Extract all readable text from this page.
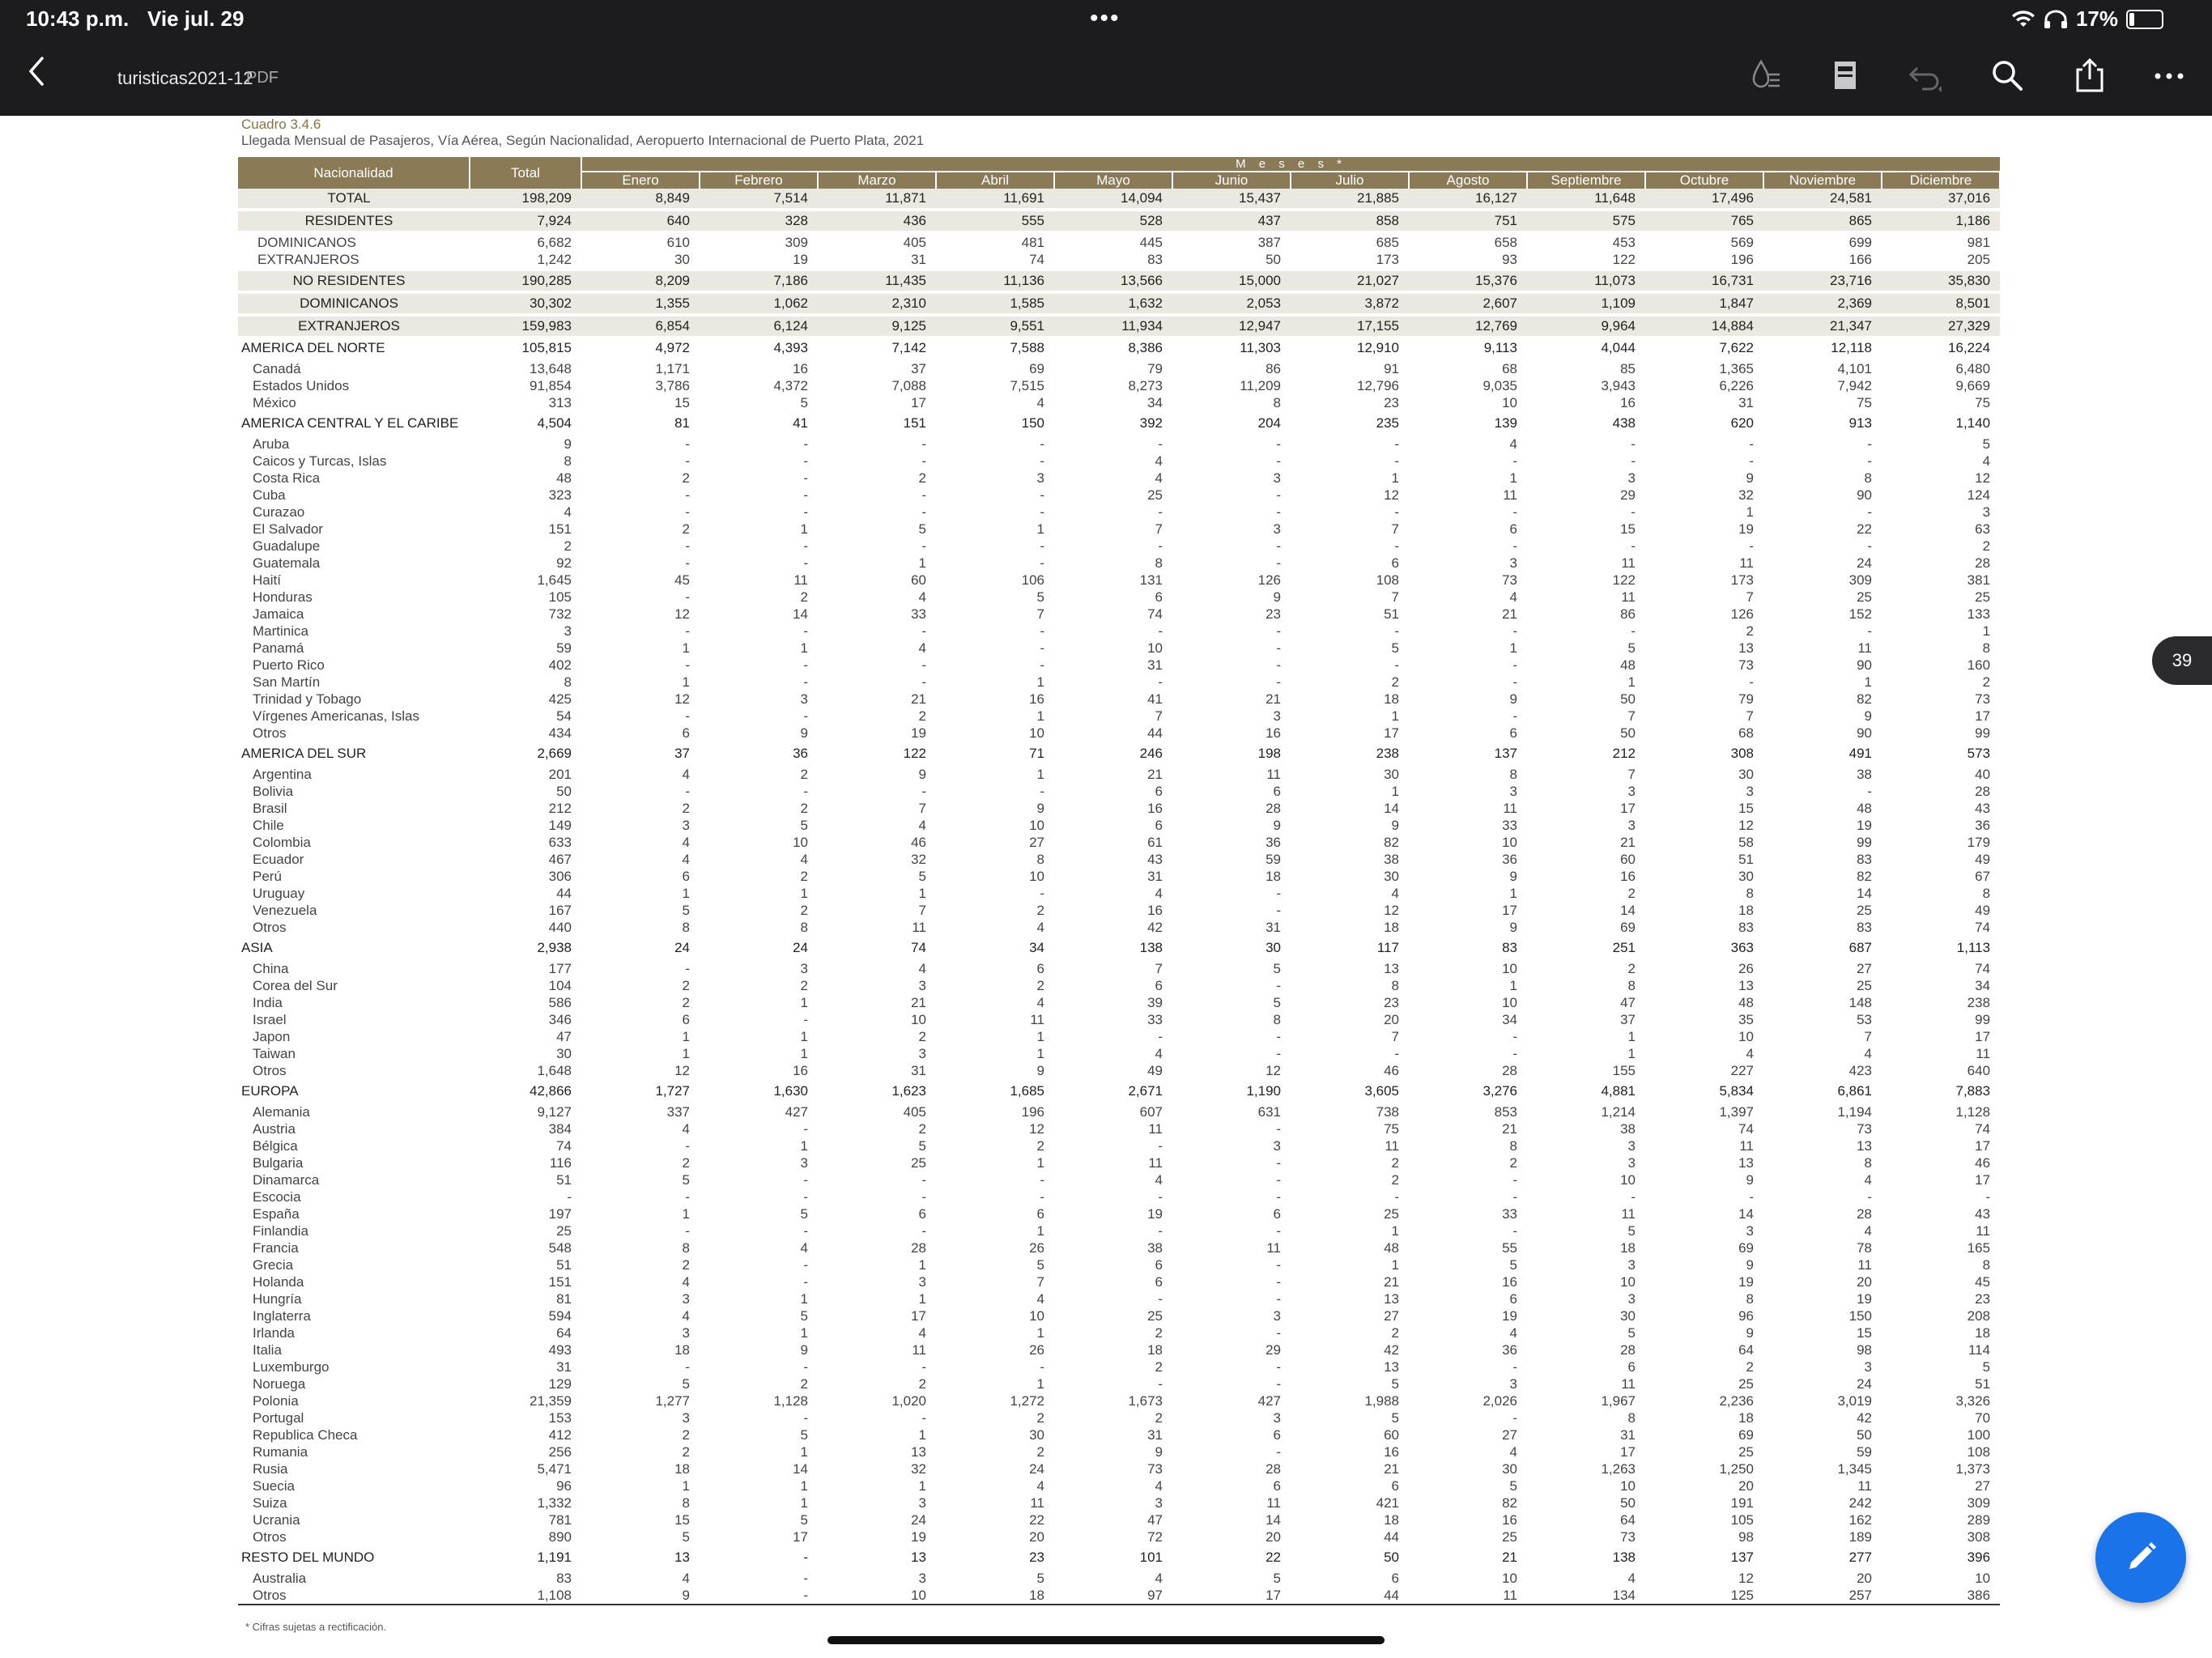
10:43 p.m. Vie jul. 29	•••	17%
turisticas2021-12
PDF
Cuadro 3.4.6
Llegada Mensual de Pasajeros, Vía Aérea, Según Nacionalidad, Aeropuerto Internacional de Puerto Plata, 2021
Nacionalidad	Total	M e s e s *											
		Enero	Febrero	Marzo	Abril	Mayo	Junio	Julio	Agosto	Septiembre	Octubre	Noviembre	Diciembre
TOTAL	198,209	8,849	7,514	11,871	11,691	14,094	15,437	21,885	16,127	11,648	17,496	24,581	37,016

RESIDENTES	7,924	640	328	436	555	528	437	858	751	575	765	865	1,186

DOMINICANOS	6,682	610	309	405	481	445	387	685	658	453	569	699	981
EXTRANJEROS	1,242	30	19	31	74	83	50	173	93	122	196	166	205

NO RESIDENTES	190,285	8,209	7,186	11,435	11,136	13,566	15,000	21,027	15,376	11,073	16,731	23,716	35,830

DOMINICANOS	30,302	1,355	1,062	2,310	1,585	1,632	2,053	3,872	2,607	1,109	1,847	2,369	8,501

EXTRANJEROS	159,983	6,854	6,124	9,125	9,551	11,934	12,947	17,155	12,769	9,964	14,884	21,347	27,329
AMERICA DEL NORTE	105,815	4,972	4,393	7,142	7,588	8,386	11,303	12,910	9,113	4,044	7,622	12,118	16,224
Canadá	13,648	1,171	16	37	69	79	86	91	68	85	1,365	4,101	6,480
Estados Unidos	91,854	3,786	4,372	7,088	7,515	8,273	11,209	12,796	9,035	3,943	6,226	7,942	9,669
México	313	15	5	17	4	34	8	23	10	16	31	75	75
AMERICA CENTRAL Y EL CARIBE	4,504	81	41	151	150	392	204	235	139	438	620	913	1,140
Aruba	9	-	-	-	-	-	-	-	4	-	-	-	5
Caicos y Turcas, Islas	8	-	-	-	-	4	-	-	-	-	-	-	4
Costa Rica	48	2	-	2	3	4	3	1	1	3	9	8	12
Cuba	323	-	-	-	-	25	-	12	11	29	32	90	124
Curazao	4	-	-	-	-	-	-	-	-	-	1	-	3
El Salvador	151	2	1	5	1	7	3	7	6	15	19	22	63
Guadalupe	2	-	-	-	-	-	-	-	-	-	-	-	2
Guatemala	92	-	-	1	-	8	-	6	3	11	11	24	28
Haití	1,645	45	11	60	106	131	126	108	73	122	173	309	381
Honduras	105	-	2	4	5	6	9	7	4	11	7	25	25
Jamaica	732	12	14	33	7	74	23	51	21	86	126	152	133
Martinica	3	-	-	-	-	-	-	-	-	-	2	-	1
Panamá	59	1	1	4	-	10	-	5	1	5	13	11	8
Puerto Rico	402	-	-	-	-	31	-	-	-	48	73	90	160
San Martín	8	1	-	-	1	-	-	2	-	1	-	1	2
Trinidad y Tobago	425	12	3	21	16	41	21	18	9	50	79	82	73
Vírgenes Americanas, Islas	54	-	-	2	1	7	3	1	-	7	7	9	17
Otros	434	6	9	19	10	44	16	17	6	50	68	90	99
AMERICA DEL SUR	2,669	37	36	122	71	246	198	238	137	212	308	491	573
Argentina	201	4	2	9	1	21	11	30	8	7	30	38	40
Bolivia	50	-	-	-	-	6	6	1	3	3	3	-	28
Brasil	212	2	2	7	9	16	28	14	11	17	15	48	43
Chile	149	3	5	4	10	6	9	9	33	3	12	19	36
Colombia	633	4	10	46	27	61	36	82	10	21	58	99	179
Ecuador	467	4	4	32	8	43	59	38	36	60	51	83	49
Perú	306	6	2	5	10	31	18	30	9	16	30	82	67
Uruguay	44	1	1	1	-	4	-	4	1	2	8	14	8
Venezuela	167	5	2	7	2	16	-	12	17	14	18	25	49
Otros	440	8	8	11	4	42	31	18	9	69	83	83	74
ASIA	2,938	24	24	74	34	138	30	117	83	251	363	687	1,113
China	177	-	3	4	6	7	5	13	10	2	26	27	74
Corea del Sur	104	2	2	3	2	6	-	8	1	8	13	25	34
India	586	2	1	21	4	39	5	23	10	47	48	148	238
Israel	346	6	-	10	11	33	8	20	34	37	35	53	99
Japon	47	1	1	2	1	-	-	7	-	1	10	7	17
Taiwan	30	1	1	3	1	4	-	-	-	1	4	4	11
Otros	1,648	12	16	31	9	49	12	46	28	155	227	423	640
EUROPA	42,866	1,727	1,630	1,623	1,685	2,671	1,190	3,605	3,276	4,881	5,834	6,861	7,883
Alemania	9,127	337	427	405	196	607	631	738	853	1,214	1,397	1,194	1,128
Austria	384	4	-	2	12	11	-	75	21	38	74	73	74
Bélgica	74	-	1	5	2	-	3	11	8	3	11	13	17
Bulgaria	116	2	3	25	1	11	-	2	2	3	13	8	46
Dinamarca	51	5	-	-	-	4	-	2	-	10	9	4	17
Escocia	-	-	-	-	-	-	-	-	-	-	-	-	-
España	197	1	5	6	6	19	6	25	33	11	14	28	43
Finlandia	25	-	-	-	1	-	-	1	-	5	3	4	11
Francia	548	8	4	28	26	38	11	48	55	18	69	78	165
Grecia	51	2	-	1	5	6	-	1	5	3	9	11	8
Holanda	151	4	-	3	7	6	-	21	16	10	19	20	45
Hungría	81	3	1	1	4	-	-	13	6	3	8	19	23
Inglaterra	594	4	5	17	10	25	3	27	19	30	96	150	208
Irlanda	64	3	1	4	1	2	-	2	4	5	9	15	18
Italia	493	18	9	11	26	18	29	42	36	28	64	98	114
Luxemburgo	31	-	-	-	-	2	-	13	-	6	2	3	5
Noruega	129	5	2	2	1	-	-	5	3	11	25	24	51
Polonia	21,359	1,277	1,128	1,020	1,272	1,673	427	1,988	2,026	1,967	2,236	3,019	3,326
Portugal	153	3	-	-	2	2	3	5	-	8	18	42	70
Republica Checa	412	2	5	1	30	31	6	60	27	31	69	50	100
Rumania	256	2	1	13	2	9	-	16	4	17	25	59	108
Rusia	5,471	18	14	32	24	73	28	21	30	1,263	1,250	1,345	1,373
Suecia	96	1	1	1	4	4	6	6	5	10	20	11	27
Suiza	1,332	8	1	3	11	3	11	421	82	50	191	242	309
Ucrania	781	15	5	24	22	47	14	18	16	64	105	162	289
Otros	890	5	17	19	20	72	20	44	25	73	98	189	308
RESTO DEL MUNDO	1,191	13	-	13	23	101	22	50	21	138	137	277	396
Australia	83	4	-	3	5	4	5	6	10	4	12	20	10
Otros	1,108	9	-	10	18	97	17	44	11	134	125	257	386
* Cifras sujetas a rectificación.
39
